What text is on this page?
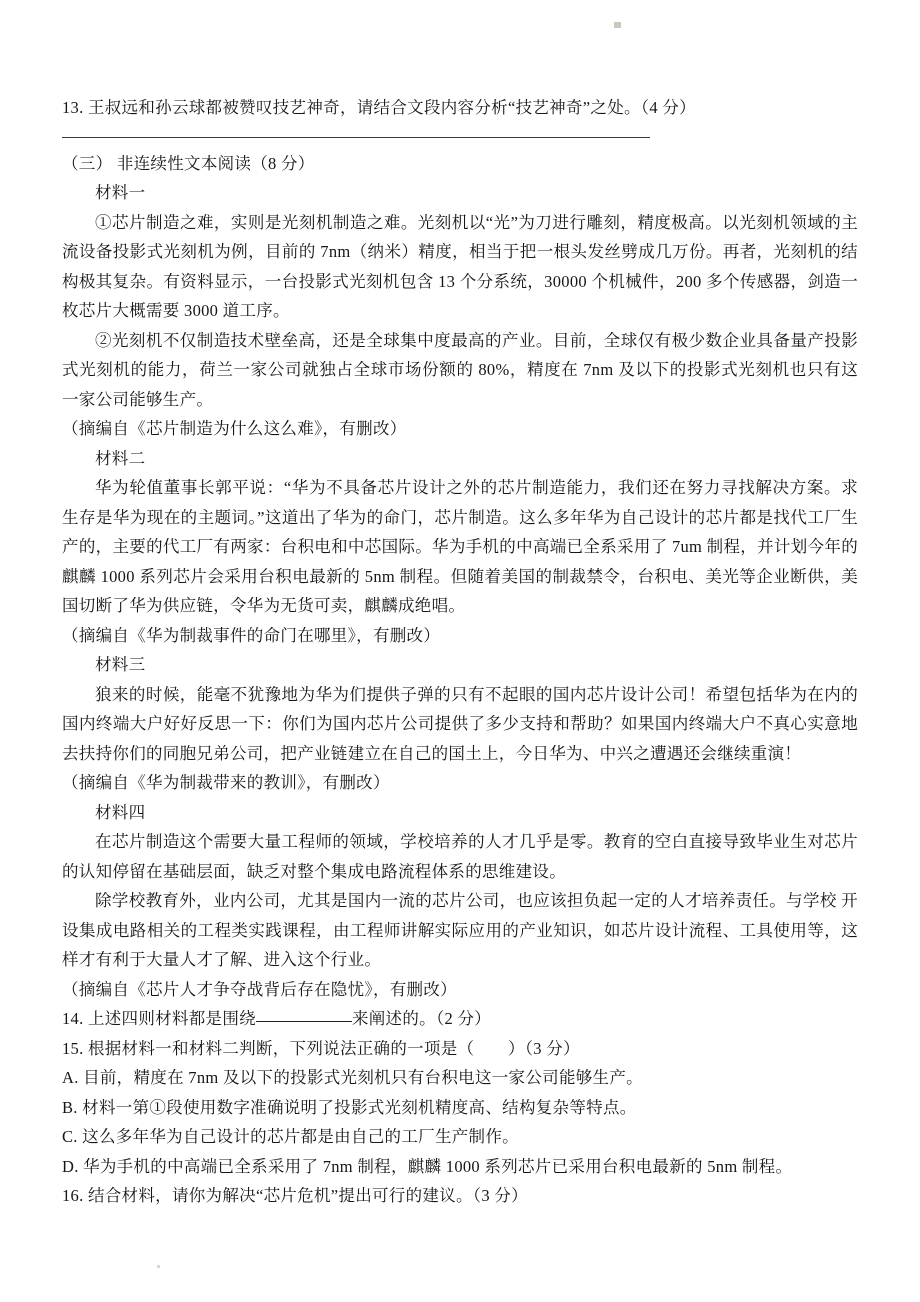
13. 王叔远和孙云球都被赞叹技艺神奇，请结合文段内容分析“技艺神奇”之处。（4 分）

（三） 非连续性文本阅读（8 分）

材料一

①芯片制造之难，实则是光刻机制造之难。光刻机以“光”为刀进行雕刻，精度极高。以光刻机领域的主流设备投影式光刻机为例，目前的 7nm（纳米）精度，相当于把一根头发丝劈成几万份。再者，光刻机的结构极其复杂。有资料显示，一台投影式光刻机包含 13 个分系统，30000 个机械件，200 多个传感器，剑造一枚芯片大概需要 3000 道工序。

②光刻机不仅制造技术壁垒高，还是全球集中度最高的产业。目前，全球仅有极少数企业具备量产投影式光刻机的能力，荷兰一家公司就独占全球市场份额的 80%，精度在 7nm 及以下的投影式光刻机也只有这一家公司能够生产。

（摘编自《芯片制造为什么这么难》，有删改）

材料二

华为轮值董事长郭平说：“华为不具备芯片设计之外的芯片制造能力，我们还在努力寻找解决方案。求生存是华为现在的主题词。”这道出了华为的命门，芯片制造。这么多年华为自己设计的芯片都是找代工厂生产的，主要的代工厂有两家：台积电和中芯国际。华为手机的中高端已全系采用了 7um 制程，并计划今年的麒麟 1000 系列芯片会采用台积电最新的 5nm 制程。但随着美国的制裁禁令，台积电、美光等企业断供，美国切断了华为供应链，令华为无货可卖，麒麟成绝唱。

（摘编自《华为制裁事件的命门在哪里》，有删改）

材料三

狼来的时候，能毫不犹豫地为华为们提供子弹的只有不起眼的国内芯片设计公司！希望包括华为在内的国内终端大户好好反思一下：你们为国内芯片公司提供了多少支持和帮助？如果国内终端大户不真心实意地去扶持你们的同胞兄弟公司，把产业链建立在自己的国土上，今日华为、中兴之遭遇还会继续重演！

（摘编自《华为制裁带来的教训》，有删改）

材料四

在芯片制造这个需要大量工程师的领域，学校培养的人才几乎是零。教育的空白直接导致毕业生对芯片的认知停留在基础层面，缺乏对整个集成电路流程体系的思维建设。

除学校教育外，业内公司，尤其是国内一流的芯片公司，也应该担负起一定的人才培养责任。与学校 开设集成电路相关的工程类实践课程，由工程师讲解实际应用的产业知识，如芯片设计流程、工具使用等，这样才有利于大量人才了解、进入这个行业。

（摘编自《芯片人才争夺战背后存在隐忧》，有删改）

14. 上述四则材料都是围绕	来阐述的。（2 分）

15. 根据材料一和材料二判断，下列说法正确的一项是（　　）（3 分）

A. 目前，精度在 7nm 及以下的投影式光刻机只有台积电这一家公司能够生产。

B. 材料一第①段使用数字准确说明了投影式光刻机精度高、结构复杂等特点。

C. 这么多年华为自己设计的芯片都是由自己的工厂生产制作。

D. 华为手机的中高端已全系采用了 7nm 制程，麒麟 1000 系列芯片已采用台积电最新的 5nm 制程。

16. 结合材料，请你为解决“芯片危机”提出可行的建议。（3 分）
